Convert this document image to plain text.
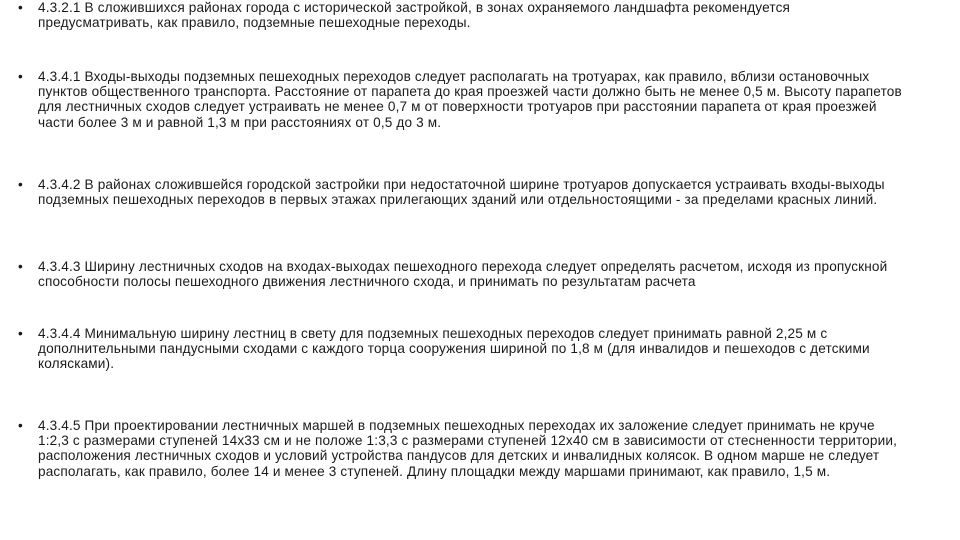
•	4.3.2.1 В сложившихся районах города с исторической застройкой, в зонах охраняемого ландшафта рекомендуется предусматривать, как правило, подземные пешеходные переходы.
•	4.3.4.1 Входы-выходы подземных пешеходных переходов следует располагать на тротуарах, как правило, вблизи остановочных пунктов общественного транспорта. Расстояние от парапета до края проезжей части должно быть не менее 0,5 м. Высоту парапетов для лестничных сходов следует устраивать не менее 0,7 м от поверхности тротуаров при расстоянии парапета от края проезжей части более 3 м и равной 1,3 м при расстояниях от 0,5 до 3 м.
•	4.3.4.2 В районах сложившейся городской застройки при недостаточной ширине тротуаров допускается устраивать входы-выходы подземных пешеходных переходов в первых этажах прилегающих зданий или отдельностоящими - за пределами красных линий.
•	4.3.4.3 Ширину лестничных сходов на входах-выходах пешеходного перехода следует определять расчетом, исходя из пропускной способности полосы пешеходного движения лестничного схода, и принимать по результатам расчета
•	4.3.4.4 Минимальную ширину лестниц в свету для подземных пешеходных переходов следует принимать равной 2,25 м с дополнительными пандусными сходами с каждого торца сооружения шириной по 1,8 м (для инвалидов и пешеходов с детскими колясками).
•	4.3.4.5 При проектировании лестничных маршей в подземных пешеходных переходах их заложение следует принимать не круче 1:2,3 с размерами ступеней 14x33 см и не положе 1:3,3 с размерами ступеней 12x40 см в зависимости от стесненности территории, расположения лестничных сходов и условий устройства пандусов для детских и инвалидных колясок. В одном марше не следует располагать, как правило, более 14 и менее 3 ступеней. Длину площадки между маршами принимают, как правило, 1,5 м.
